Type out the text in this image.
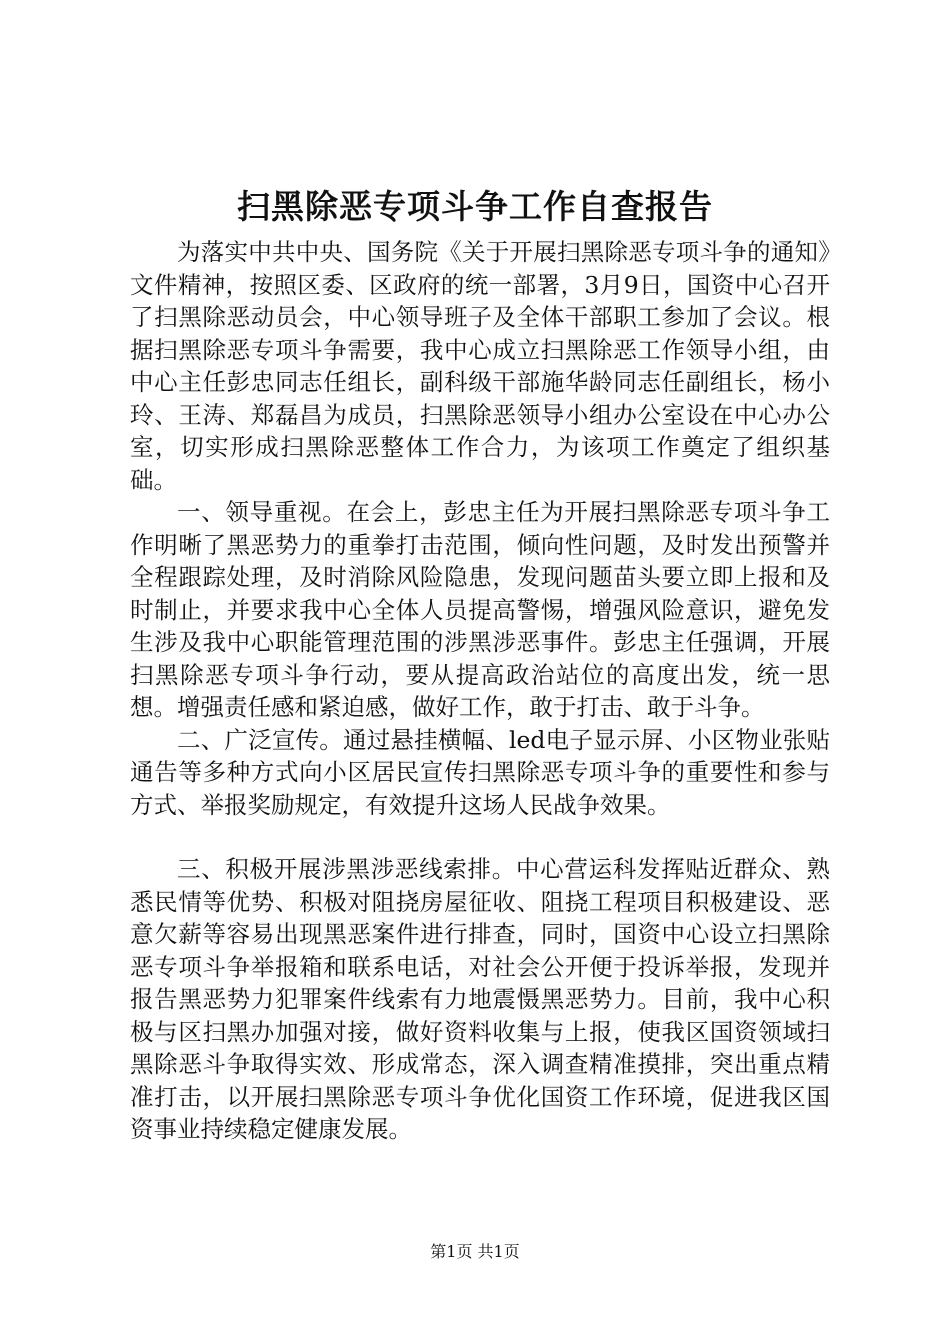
扫黑除恶专项斗争工作自查报告

为落实中共中央、国务院《关于开展扫黑除恶专项斗争的通知》文件精神，按照区委、区政府的统一部署，3月9日，国资中心召开了扫黑除恶动员会，中心领导班子及全体干部职工参加了会议。根据扫黑除恶专项斗争需要，我中心成立扫黑除恶工作领导小组，由中心主任彭忠同志任组长，副科级干部施华龄同志任副组长，杨小玲、王涛、郑磊昌为成员，扫黑除恶领导小组办公室设在中心办公室，切实形成扫黑除恶整体工作合力，为该项工作奠定了组织基础。

一、领导重视。在会上，彭忠主任为开展扫黑除恶专项斗争工作明晰了黑恶势力的重拳打击范围，倾向性问题，及时发出预警并全程跟踪处理，及时消除风险隐患，发现问题苗头要立即上报和及时制止，并要求我中心全体人员提高警惕，增强风险意识，避免发生涉及我中心职能管理范围的涉黑涉恶事件。彭忠主任强调，开展扫黑除恶专项斗争行动，要从提高政治站位的高度出发，统一思想。增强责任感和紧迫感，做好工作，敢于打击、敢于斗争。

二、广泛宣传。通过悬挂横幅、led电子显示屏、小区物业张贴通告等多种方式向小区居民宣传扫黑除恶专项斗争的重要性和参与方式、举报奖励规定，有效提升这场人民战争效果。

三、积极开展涉黑涉恶线索排。中心营运科发挥贴近群众、熟悉民情等优势、积极对阻挠房屋征收、阻挠工程项目积极建设、恶意欠薪等容易出现黑恶案件进行排查，同时，国资中心设立扫黑除恶专项斗争举报箱和联系电话，对社会公开便于投诉举报，发现并报告黑恶势力犯罪案件线索有力地震慑黑恶势力。目前，我中心积极与区扫黑办加强对接，做好资料收集与上报，使我区国资领域扫黑除恶斗争取得实效、形成常态，深入调查精准摸排，突出重点精准打击，以开展扫黑除恶专项斗争优化国资工作环境，促进我区国资事业持续稳定健康发展。

第1页 共1页
